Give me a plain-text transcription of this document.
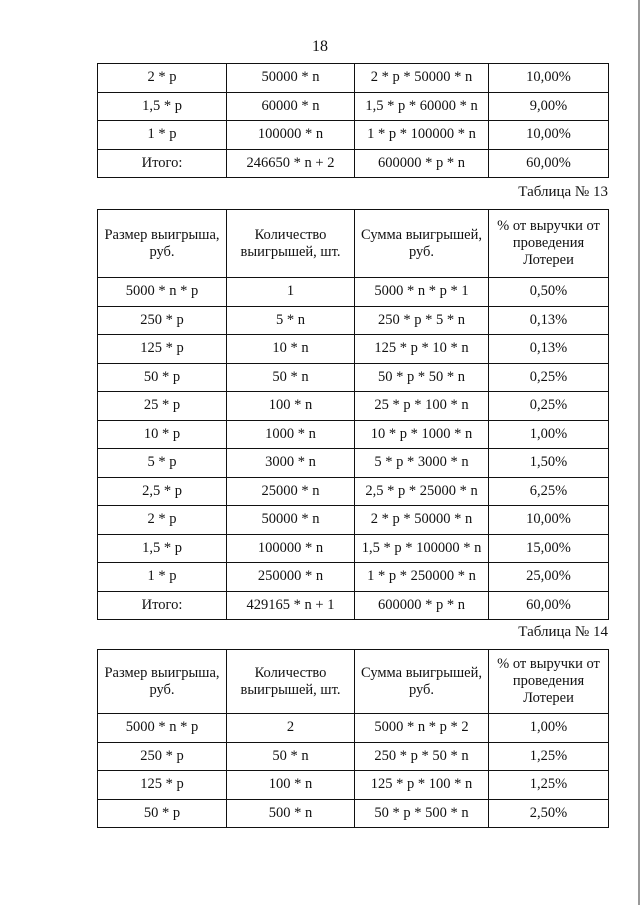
18
2 * p	50000 * n	2 * p * 50000 * n	10,00%
1,5 * p	60000 * n	1,5 * p * 60000 * n	9,00%
1 * p	100000 * n	1 * p * 100000 * n	10,00%
Итого:	246650 * n + 2	600000 * p * n	60,00%
Таблица № 13
Размер выигрыша, руб.	Количество выигрышей, шт.	Сумма выигрышей, руб.	% от выручки от проведения Лотереи
5000 * n * p	1	5000 * n * p * 1	0,50%
250 * p	5 * n	250 * p * 5 * n	0,13%
125 * p	10 * n	125 * p * 10 * n	0,13%
50 * p	50 * n	50 * p * 50 * n	0,25%
25 * p	100 * n	25 * p * 100 * n	0,25%
10 * p	1000 * n	10 * p * 1000 * n	1,00%
5 * p	3000 * n	5 * p * 3000 * n	1,50%
2,5 * p	25000 * n	2,5 * p * 25000 * n	6,25%
2 * p	50000 * n	2 * p * 50000 * n	10,00%
1,5 * p	100000 * n	1,5 * p * 100000 * n	15,00%
1 * p	250000 * n	1 * p * 250000 * n	25,00%
Итого:	429165 * n + 1	600000 * p * n	60,00%
Таблица № 14
Размер выигрыша, руб.	Количество выигрышей, шт.	Сумма выигрышей, руб.	% от выручки от проведения Лотереи
5000 * n * p	2	5000 * n * p * 2	1,00%
250 * p	50 * n	250 * p * 50 * n	1,25%
125 * p	100 * n	125 * p * 100 * n	1,25%
50 * p	500 * n	50 * p * 500 * n	2,50%
